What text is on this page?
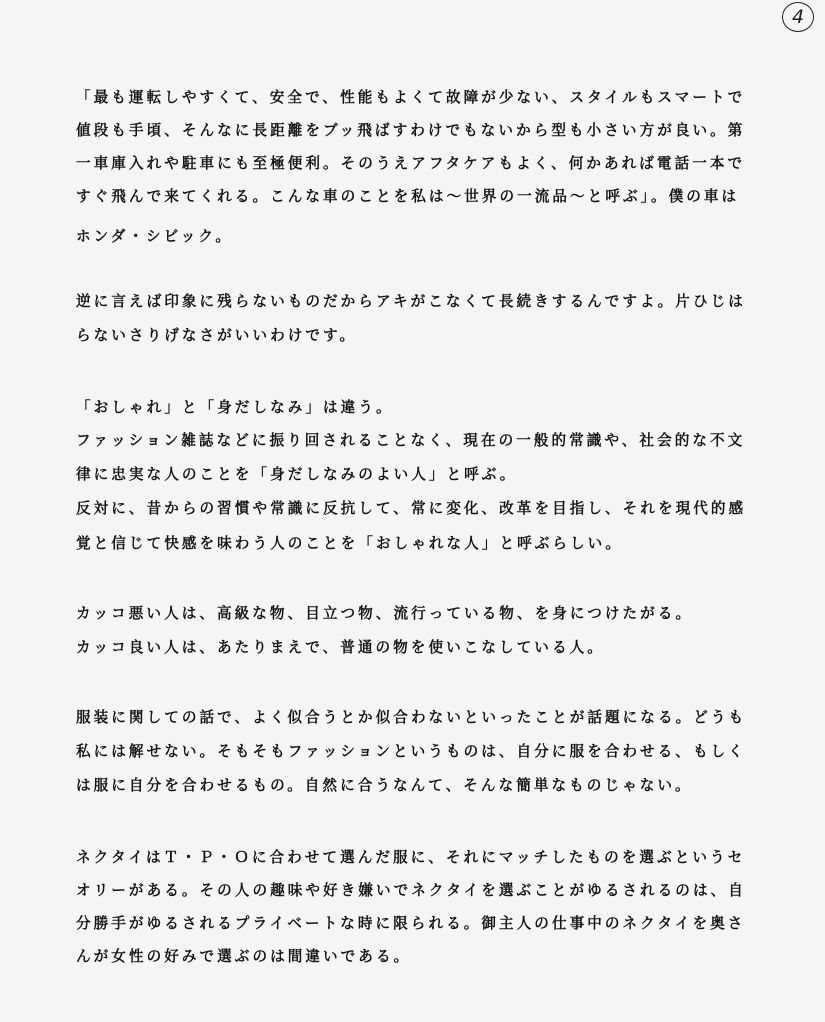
4

「最も運転しやすくて、安全で、性能もよくて故障が少ない、スタイルもスマートで

値段も手頃、そんなに長距離をブッ飛ばすわけでもないから型も小さい方が良い。第

一車庫入れや駐車にも至極便利。そのうえアフタケアもよく、何かあれば電話一本で

すぐ飛んで来てくれる。こんな車のことを私は〜世界の一流品〜と呼ぶ」。僕の車は

ホンダ・シビック。

逆に言えば印象に残らないものだからアキがこなくて長続きするんですよ。片ひじは

らないさりげなさがいいわけです。

「おしゃれ」と「身だしなみ」は違う。

ファッション雑誌などに振り回されることなく、現在の一般的常識や、社会的な不文

律に忠実な人のことを「身だしなみのよい人」と呼ぶ。

反対に、昔からの習慣や常識に反抗して、常に変化、改革を目指し、それを現代的感

覚と信じて快感を味わう人のことを「おしゃれな人」と呼ぶらしい。

カッコ悪い人は、高級な物、目立つ物、流行っている物、を身につけたがる。

カッコ良い人は、あたりまえで、普通の物を使いこなしている人。

服装に関しての話で、よく似合うとか似合わないといったことが話題になる。どうも

私には解せない。そもそもファッションというものは、自分に服を合わせる、もしく

は服に自分を合わせるもの。自然に合うなんて、そんな簡単なものじゃない。

ネクタイはＴ・Ｐ・Ｏに合わせて選んだ服に、それにマッチしたものを選ぶというセ

オリーがある。その人の趣味や好き嫌いでネクタイを選ぶことがゆるされるのは、自

分勝手がゆるされるプライベートな時に限られる。御主人の仕事中のネクタイを奥さ

んが女性の好みで選ぶのは間違いである。
